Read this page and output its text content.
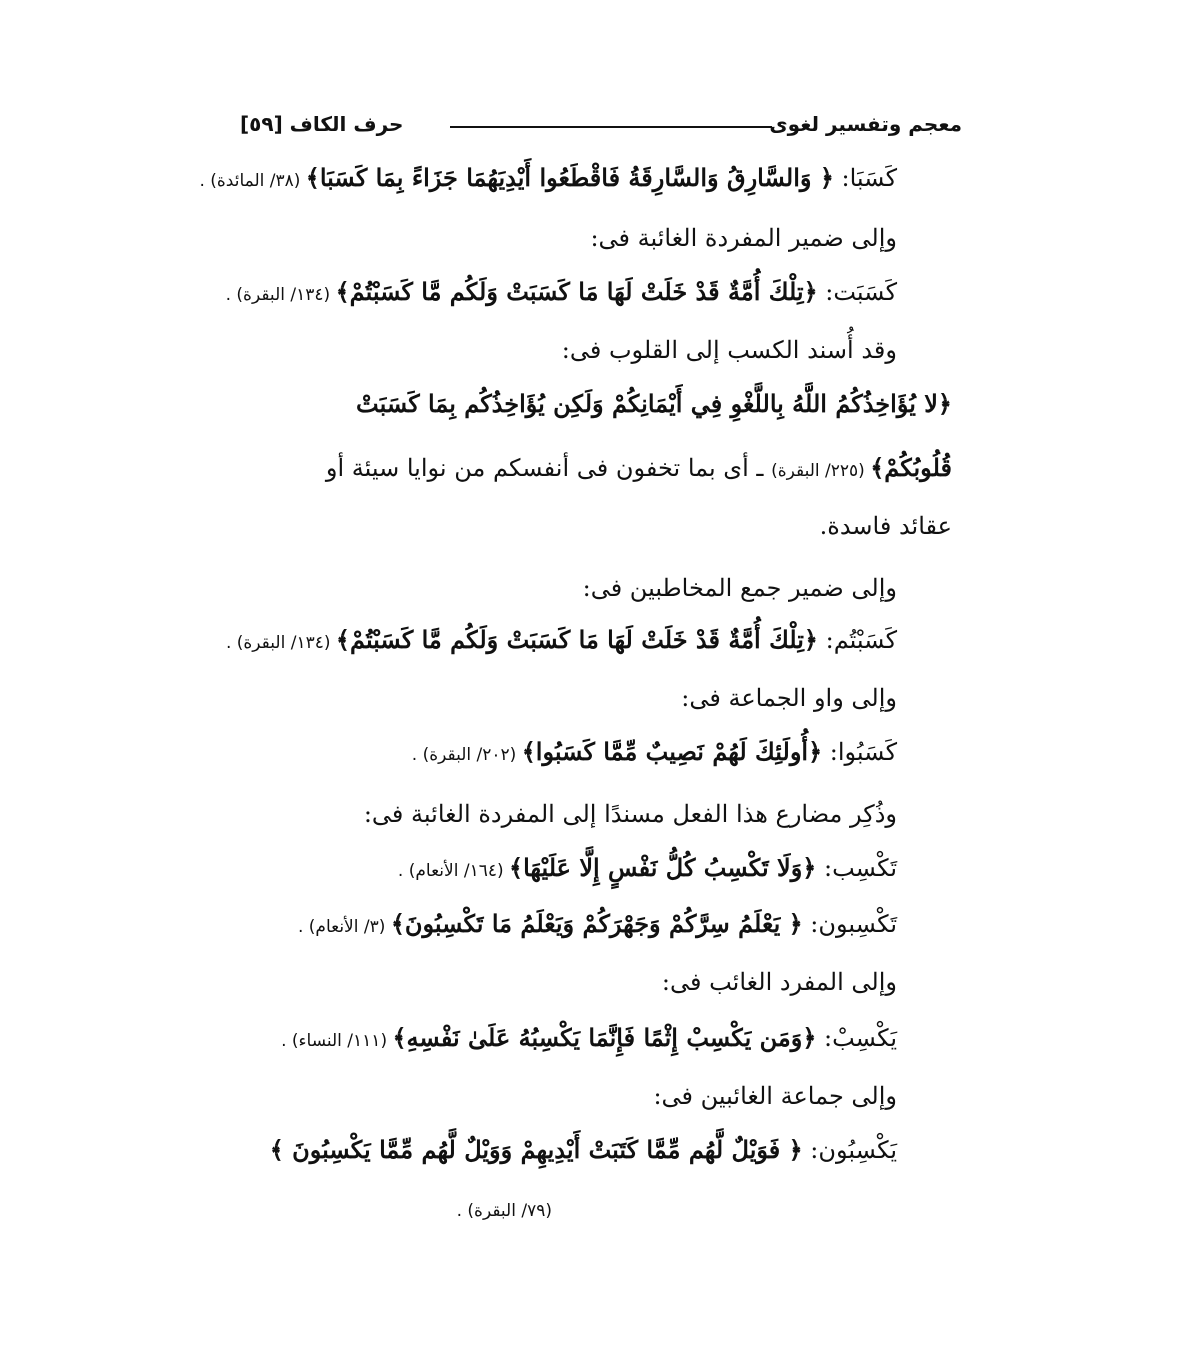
معجم وتفسير لغوى
حرف الكاف [٥٩]
كَسَبَا: ﴿ وَالسَّارِقُ وَالسَّارِقَةُ فَاقْطَعُوا أَيْدِيَهُمَا جَزَاءً بِمَا كَسَبَا﴾ (٣٨/ المائدة) .
وإلى ضمير المفردة الغائبة فى:
كَسَبَت: ﴿تِلْكَ أُمَّةٌ قَدْ خَلَتْ لَهَا مَا كَسَبَتْ وَلَكُم مَّا كَسَبْتُمْ﴾ (١٣٤/ البقرة) .
وقد أُسند الكسب إلى القلوب فى:
﴿لا يُؤَاخِذُكُمُ اللَّهُ بِاللَّغْوِ فِي أَيْمَانِكُمْ وَلَكِن يُؤَاخِذُكُم بِمَا كَسَبَتْ
قُلُوبُكُمْ﴾ (٢٢٥/ البقرة) ـ أى بما تخفون فى أنفسكم من نوايا سيئة أو
عقائد فاسدة.
وإلى ضمير جمع المخاطبين فى:
كَسَبْتُم: ﴿تِلْكَ أُمَّةٌ قَدْ خَلَتْ لَهَا مَا كَسَبَتْ وَلَكُم مَّا كَسَبْتُمْ﴾ (١٣٤/ البقرة) .
وإلى واو الجماعة فى:
كَسَبُوا: ﴿أُولَئِكَ لَهُمْ نَصِيبٌ مِّمَّا كَسَبُوا﴾ (٢٠٢/ البقرة) .
وذُكِر مضارع هذا الفعل مسندًا إلى المفردة الغائبة فى:
تَكْسِب: ﴿وَلَا تَكْسِبُ كُلُّ نَفْسٍ إِلَّا عَلَيْهَا﴾ (١٦٤/ الأنعام) .
تَكْسِبون: ﴿ يَعْلَمُ سِرَّكُمْ وَجَهْرَكُمْ وَيَعْلَمُ مَا تَكْسِبُونَ﴾ (٣/ الأنعام) .
وإلى المفرد الغائب فى:
يَكْسِبْ: ﴿وَمَن يَكْسِبْ إِثْمًا فَإِنَّمَا يَكْسِبُهُ عَلَىٰ نَفْسِهِ﴾ (١١١/ النساء) .
وإلى جماعة الغائبين فى:
يَكْسِبُون: ﴿ فَوَيْلٌ لَّهُم مِّمَّا كَتَبَتْ أَيْدِيهِمْ وَوَيْلٌ لَّهُم مِّمَّا يَكْسِبُونَ ﴾
(٧٩/ البقرة) .
